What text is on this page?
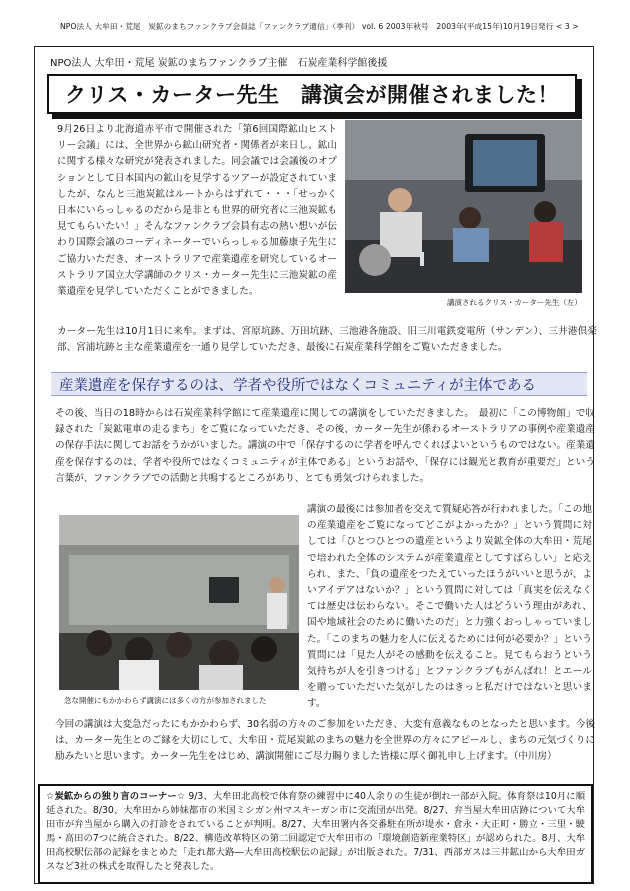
NPO法人 大牟田・荒尾　炭鉱のまちファンクラブ会員誌「ファンクラブ通信」（季刊） vol. 6 2003年秋号　2003年(平成15年)10月19日発行 < 3 >
NPO法人 大牟田・荒尾 炭鉱のまちファンクラブ主催　石炭産業科学館後援
クリス・カーター先生　講演会が開催されました！
9月26日より北海道赤平市で開催された「第6回国際鉱山ヒストリー会議」には、全世界から鉱山研究者・関係者が来日し、鉱山に関する様々な研究が発表されました。同会議では会議後のオプションとして日本国内の鉱山を見学するツアーが設定されていましたが、なんと三池炭鉱はルートからはずれて・・・「せっかく日本にいらっしゃるのだから是非とも世界的研究者に三池炭鉱も見てもらいたい！」そんなファンクラブ会員有志の熱い想いが伝わり国際会議のコーディネーターでいらっしゃる加藤康子先生にご協力いただき、オーストラリアで産業遺産を研究しているオーストラリア国立大学講師のクリス・カーター先生に三池炭鉱の産業遺産を見学していただくことができました。
講演されるクリス・カーター先生（左）
カーター先生は10月1日に来牟。まずは、宮原坑跡、万田坑跡、三池港各施設、旧三川電鉄変電所（サンデン）、三井港倶楽部、宮浦坑跡と主な産業遺産を一通り見学していただき、最後に石炭産業科学館をご覧いただきました。
産業遺産を保存するのは、学者や役所ではなくコミュニティが主体である
その後、当日の18時からは石炭産業科学館にて産業遺産に関しての講演をしていただきました。　最初に「この博物館」で収録された「炭鉱電車の走るまち」をご覧になっていただき、その後、カーター先生が係わるオーストラリアの事例や産業遺産の保存手法に関してお話をうかがいました。講演の中で「保存するのに学者を呼んでくればよいというものではない。産業遺産を保存するのは、学者や役所ではなくコミュニティが主体である」というお話や、「保存には観光と教育が重要だ」という言葉が、ファンクラブでの活動と共鳴するところがあり、とても勇気づけられました。
急な開催にもかかわらず講演には多くの方が参加されました
講演の最後には参加者を交えて質疑応答が行われました。「この地の産業遺産をご覧になってどこがよかったか？」という質問に対しては「ひとつひとつの遺産というより炭鉱全体の大牟田・荒尾で培われた全体のシステムが産業遺産としてすばらしい」と応えられ、また、「負の遺産をつたえていったほうがいいと思うが、よいアイデアはないか？」という質問に対しては「真実を伝えなくては歴史は伝わらない。そこで働いた人はどういう理由があれ、国や地域社会のために働いたのだ」と力強くおっしゃっていました。「このまちの魅力を人に伝えるためには何が必要か？」という質問には「見た人がその感動を伝えること。見てもらおうという気持ちが人を引きつける」とファンクラブもがんばれ！とエールを贈っていただいた気がしたのはきっと私だけではないと思います。
今回の講演は大変急だったにもかかわらず、30名弱の方々のご参加をいただき、大変有意義なものとなったと思います。今後は、カーター先生とのご縁を大切にして、大牟田・荒尾炭鉱のまちの魅力を全世界の方々にアピールし、まちの元気づくりに励みたいと思います。カーター先生をはじめ、講演開催にご尽力賜りました皆様に厚く御礼申し上げます。（中川房）
☆炭鉱からの独り言のコーナー☆ 9/3、大牟田北高校で体育祭の練習中に40人余りの生徒が倒れ一部が入院。体育祭は10月に順延された。8/30、大牟田から姉妹都市の米国ミシガン州マスキーガン市に交流団が出発。8/27、弁当屋大牟田店跡について大牟田市が弁当屋から購入の打診をされていることが判明。8/27、大牟田署内各交番駐在所が堤水・倉永・大正町・勝立・三里・駛馬・高田の7つに統合された。8/22、構造改革特区の第二回認定で大牟田市の「環境創造新産業特区」が認められた。8月、大牟田高校駅伝部の記録をまとめた「走れ都大路―大牟田高校駅伝の記録」が出版された。7/31、西部ガスは三井鉱山から大牟田ガスなど3社の株式を取得したと発表した。
